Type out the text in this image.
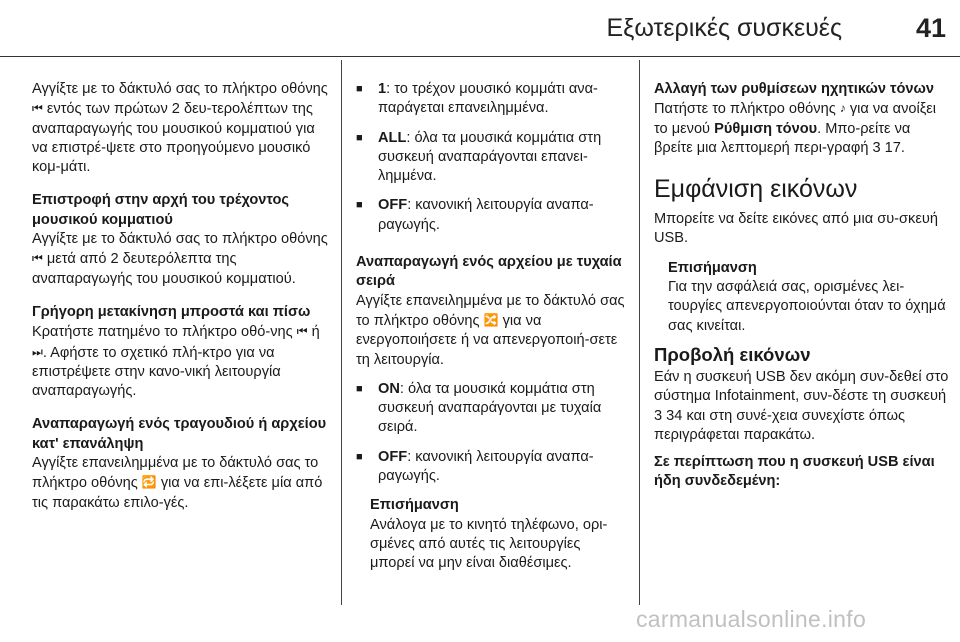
Εξωτερικές συσκευές	41

Αγγίξτε με το δάκτυλό σας το πλήκτρο οθόνης ⏮ εντός των πρώτων 2 δευ-τερολέπτων της αναπαραγωγής του μουσικού κομματιού για να επιστρέ-ψετε στο προηγούμενο μουσικό κομ-μάτι.

Επιστροφή στην αρχή του τρέχοντος μουσικού κομματιού

Αγγίξτε με το δάκτυλό σας το πλήκτρο οθόνης ⏮ μετά από 2 δευτερόλεπτα της αναπαραγωγής του μουσικού κομματιού.

Γρήγορη μετακίνηση μπροστά και πίσω

Κρατήστε πατημένο το πλήκτρο οθό-νης ⏮ ή ⏭. Αφήστε το σχετικό πλή-κτρο για να επιστρέψετε στην κανο-νική λειτουργία αναπαραγωγής.

Αναπαραγωγή ενός τραγουδιού ή αρχείου κατ' επανάληψη

Αγγίξτε επανειλημμένα με το δάκτυλό σας το πλήκτρο οθόνης 🔁 για να επι-λέξετε μία από τις παρακάτω επιλο-γές.

■ 1: το τρέχον μουσικό κομμάτι ανα-παράγεται επανειλημμένα.
■ ALL: όλα τα μουσικά κομμάτια στη συσκευή αναπαράγονται επανει-λημμένα.
■ OFF: κανονική λειτουργία αναπα-ραγωγής.

Αναπαραγωγή ενός αρχείου με τυχαία σειρά

Αγγίξτε επανειλημμένα με το δάκτυλό σας το πλήκτρο οθόνης 🔀 για να ενεργοποιήσετε ή να απενεργοποιή-σετε τη λειτουργία.

■ ON: όλα τα μουσικά κομμάτια στη συσκευή αναπαράγονται με τυχαία σειρά.
■ OFF: κανονική λειτουργία αναπα-ραγωγής.
Επισήμανση
Ανάλογα με το κινητό τηλέφωνο, ορι-σμένες από αυτές τις λειτουργίες μπορεί να μην είναι διαθέσιμες.

Αλλαγή των ρυθμίσεων ηχητικών τόνων

Πατήστε το πλήκτρο οθόνης ♪ για να ανοίξει το μενού Ρύθμιση τόνου. Μπο-ρείτε να βρείτε μια λεπτομερή περι-γραφή 3 17.

Εμφάνιση εικόνων

Μπορείτε να δείτε εικόνες από μια συ-σκευή USB.

Επισήμανση
Για την ασφάλειά σας, ορισμένες λει-τουργίες απενεργοποιούνται όταν το όχημά σας κινείται.
Προβολή εικόνων

Εάν η συσκευή USB δεν ακόμη συν-δεθεί στο σύστημα Infotainment, συν-δέστε τη συσκευή 3 34 και στη συνέ-χεια συνεχίστε όπως περιγράφεται παρακάτω.

Σε περίπτωση που η συσκευή USB είναι ήδη συνδεδεμένη:

carmanualsonline.info
